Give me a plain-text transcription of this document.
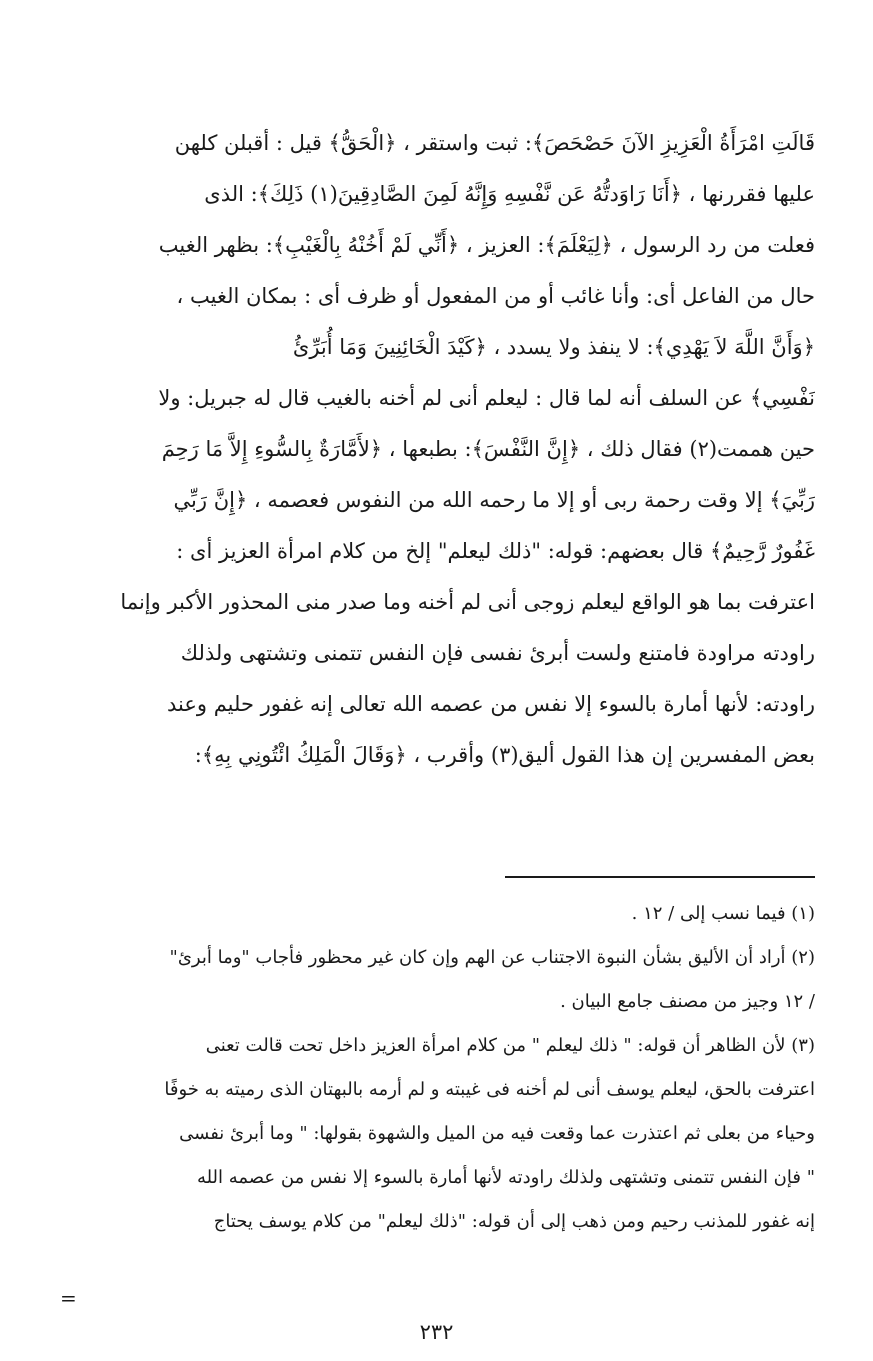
قَالَتِ امْرَأَةُ الْعَزِيزِ الآنَ حَصْحَصَ﴾: ثبت واستقر ، ﴿الْحَقُّ﴾ قيل : أقبلن كلهن
عليها فقررنها ، ﴿أَنَا رَاوَدتُّهُ عَن نَّفْسِهِ وَإِنَّهُ لَمِنَ الصَّادِقِينَ(١) ذَلِكَ﴾: الذى
فعلت من رد الرسول ، ﴿لِيَعْلَمَ﴾: العزيز ، ﴿أَنِّي لَمْ أَخُنْهُ بِالْغَيْبِ﴾: بظهر الغيب
حال من الفاعل أى: وأنا غائب أو من المفعول أو ظرف أى : بمكان الغيب ،
﴿وَأَنَّ اللَّهَ لاَ يَهْدِي﴾: لا ينفذ ولا يسدد ، ﴿كَيْدَ الْخَائِنِينَ وَمَا أُبَرِّئُ
نَفْسِي﴾ عن السلف أنه لما قال : ليعلم أنى لم أخنه بالغيب قال له جبريل: ولا
حين هممت(٢) فقال ذلك ، ﴿إِنَّ النَّفْسَ﴾: بطبعها ، ﴿لأَمَّارَةٌ بِالسُّوءِ إِلاَّ مَا رَحِمَ
رَبِّيَ﴾ إلا وقت رحمة ربى أو إلا ما رحمه الله من النفوس فعصمه ، ﴿إِنَّ رَبِّي
غَفُورٌ رَّحِيمٌ﴾ قال بعضهم: قوله: "ذلك ليعلم" إلخ من كلام امرأة العزيز أى :
اعترفت بما هو الواقع ليعلم زوجى أنى لم أخنه وما صدر منى المحذور الأكبر وإنما
راودته مراودة فامتنع ولست أبرئ نفسى فإن النفس تتمنى وتشتهى ولذلك
راودته: لأنها أمارة بالسوء إلا نفس من عصمه الله تعالى إنه غفور حليم وعند
بعض المفسرين إن هذا القول أليق(٣) وأقرب ، ﴿وَقَالَ الْمَلِكُ ائْتُونِي بِهِ﴾:
(١) فيما نسب إلى / ١٢ .
(٢) أراد أن الأليق بشأن النبوة الاجتناب عن الهم وإن كان غير محظور فأجاب "وما أبرئ"
/ ١٢ وجيز من مصنف جامع البيان .
(٣) لأن الظاهر أن قوله: " ذلك ليعلم " من كلام امرأة العزيز داخل تحت قالت تعنى
اعترفت بالحق، ليعلم يوسف أنى لم أخنه فى غيبته و لم أرمه بالبهتان الذى رميته به خوفًا
وحياء من بعلى ثم اعتذرت عما وقعت فيه من الميل والشهوة بقولها: " وما أبرئ نفسى
" فإن النفس تتمنى وتشتهى ولذلك راودته لأنها أمارة بالسوء إلا نفس من عصمه الله
إنه غفور للمذنب رحيم ومن ذهب إلى أن قوله: "ذلك ليعلم" من كلام يوسف يحتاج
=
٢٣٢
